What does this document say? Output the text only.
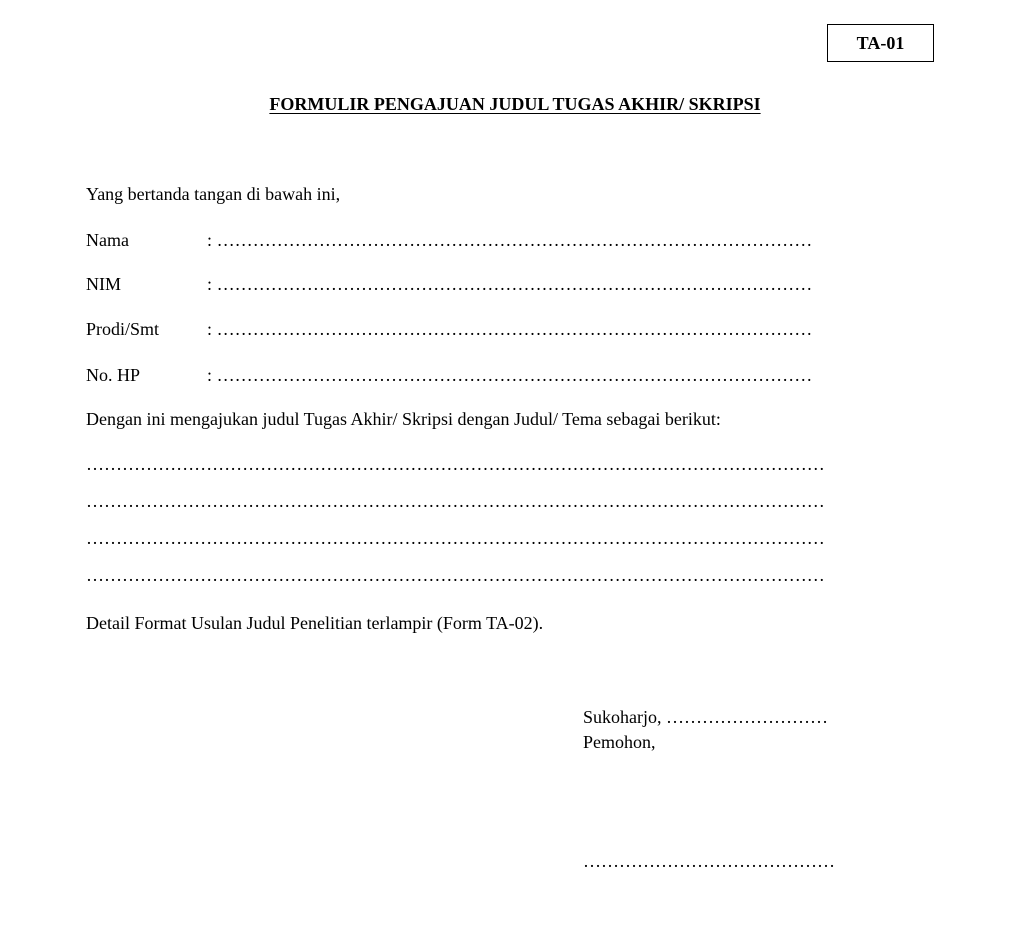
TA-01
FORMULIR PENGAJUAN JUDUL TUGAS AKHIR/ SKRIPSI
Yang bertanda tangan di bawah ini,
Nama	: ………………………………………………………………………………………
NIM	: ………………………………………………………………………………………
Prodi/Smt	: ………………………………………………………………………………………
No. HP	: ………………………………………………………………………………………
Dengan ini mengajukan judul Tugas Akhir/ Skripsi dengan Judul/ Tema sebagai berikut:
……………………………………………………………………………………………………………
……………………………………………………………………………………………………………
……………………………………………………………………………………………………………
……………………………………………………………………………………………………………
Detail Format Usulan Judul Penelitian terlampir (Form TA-02).
Sukoharjo, ………………………
Pemohon,
……………………………………
